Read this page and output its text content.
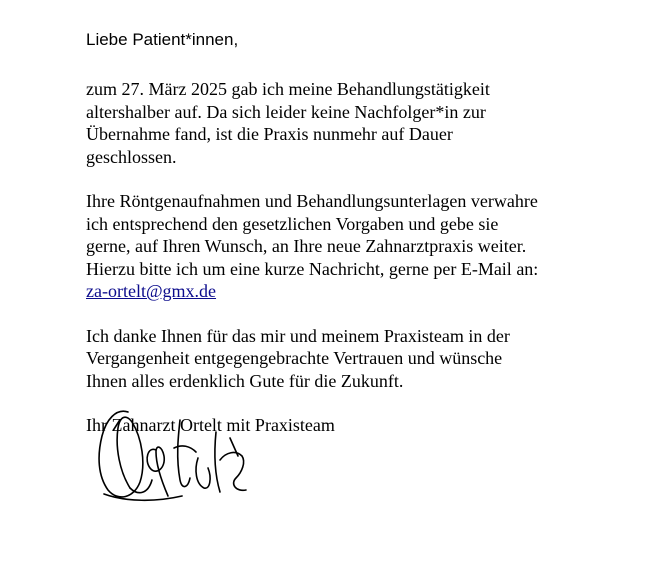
Liebe Patient*innen,

zum 27. März 2025 gab ich meine Behandlungstätigkeit
altershalber auf. Da sich leider keine Nachfolger*in zur
Übernahme fand, ist die Praxis nunmehr auf Dauer
geschlossen.

Ihre Röntgenaufnahmen und Behandlungsunterlagen verwahre
ich entsprechend den gesetzlichen Vorgaben und gebe sie
gerne, auf Ihren Wunsch, an Ihre neue Zahnarztpraxis weiter.
Hierzu bitte ich um eine kurze Nachricht, gerne per E-Mail an:
za-ortelt@gmx.de

Ich danke Ihnen für das mir und meinem Praxisteam in der
Vergangenheit entgegengebrachte Vertrauen und wünsche
Ihnen alles erdenklich Gute für die Zukunft.

Ihr Zahnarzt Ortelt mit Praxisteam
